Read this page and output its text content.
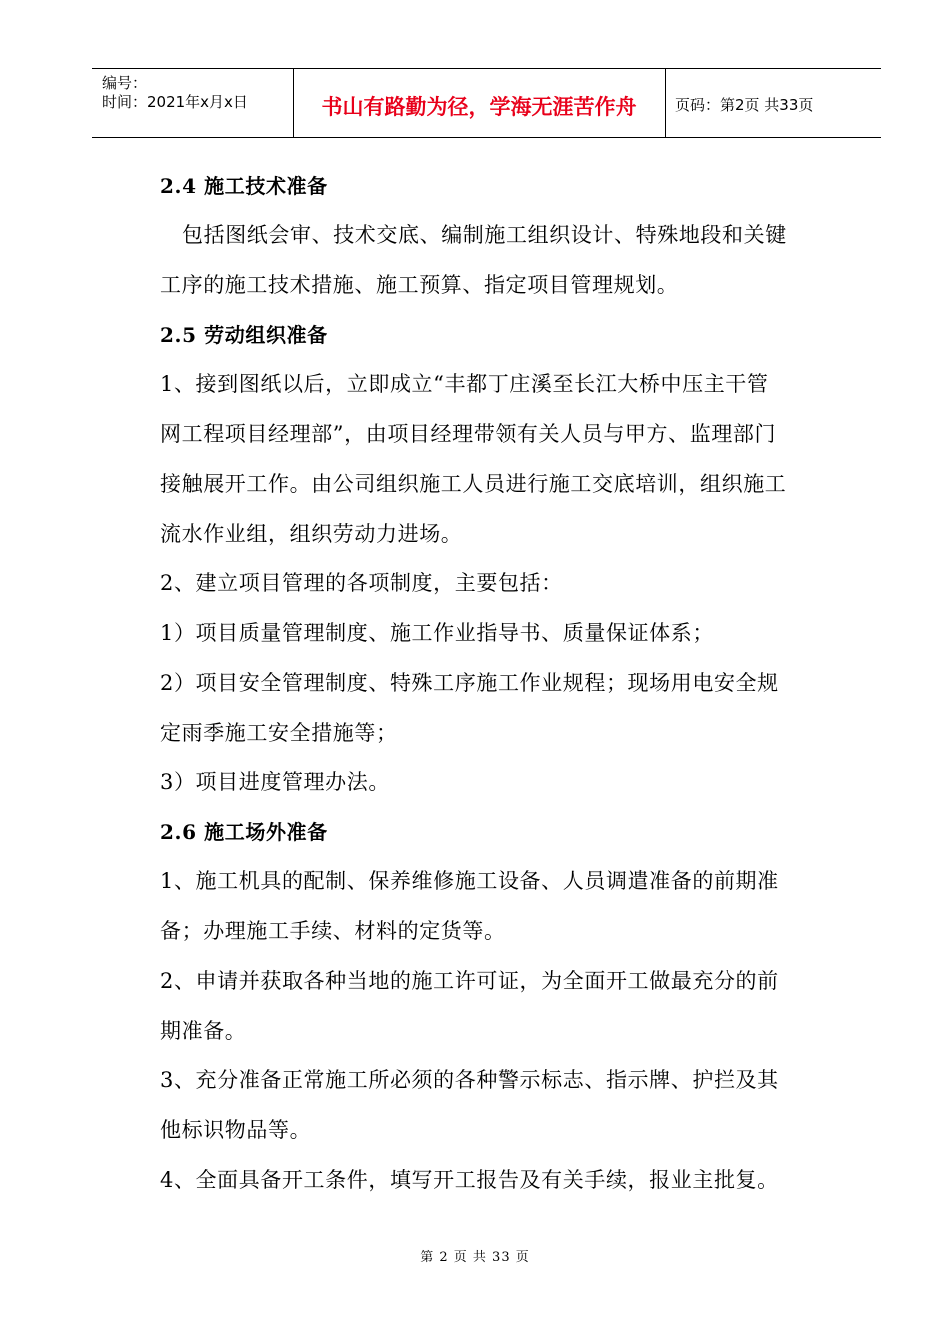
编号：
时间：2021年x月x日	书山有路勤为径，学海无涯苦作舟	页码：第2页 共33页
2.4 施工技术准备
包括图纸会审、技术交底、编制施工组织设计、特殊地段和关键
工序的施工技术措施、施工预算、指定项目管理规划。
2.5 劳动组织准备
1、接到图纸以后，立即成立“丰都丁庄溪至长江大桥中压主干管
网工程项目经理部”，由项目经理带领有关人员与甲方、监理部门
接触展开工作。由公司组织施工人员进行施工交底培训，组织施工
流水作业组，组织劳动力进场。
2、建立项目管理的各项制度，主要包括：
1）项目质量管理制度、施工作业指导书、质量保证体系；
2）项目安全管理制度、特殊工序施工作业规程；现场用电安全规
定雨季施工安全措施等；
3）项目进度管理办法。
2.6 施工场外准备
1、施工机具的配制、保养维修施工设备、人员调遣准备的前期准
备；办理施工手续、材料的定货等。
2、申请并获取各种当地的施工许可证，为全面开工做最充分的前
期准备。
3、充分准备正常施工所必须的各种警示标志、指示牌、护拦及其
他标识物品等。
4、全面具备开工条件，填写开工报告及有关手续，报业主批复。
第 2 页 共 33 页
